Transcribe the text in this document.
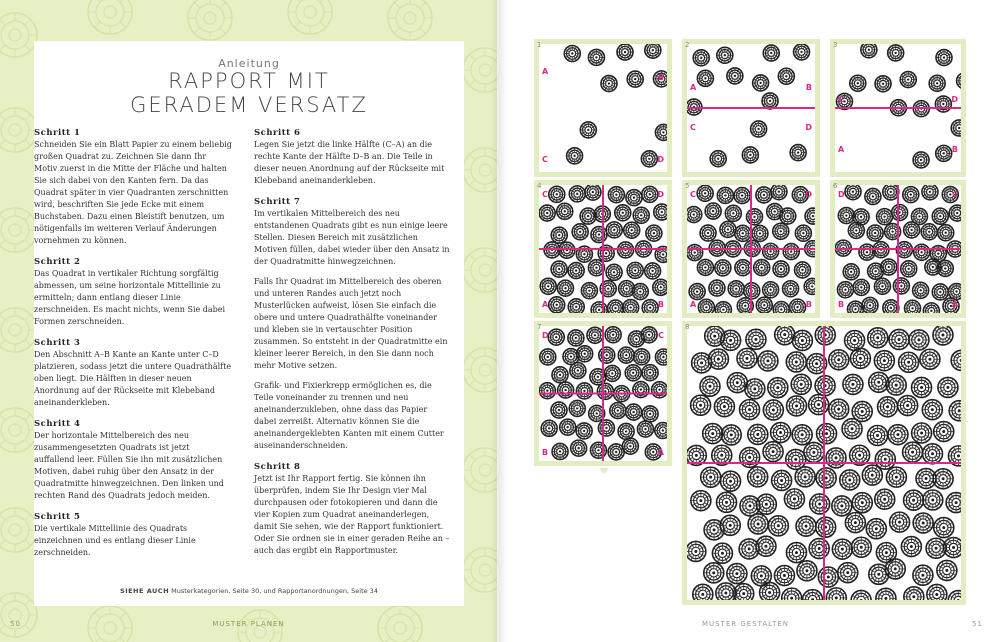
Anleitung
RAPPORT MIT
GERADEM VERSATZ
Schritt 1

Schneiden Sie ein Blatt Papier zu einem beliebig großen Quadrat zu. Zeichnen Sie dann Ihr Motiv zuerst in die Mitte der Fläche und halten Sie sich dabei von den Kanten fern. Da das Quadrat später in vier Quadranten zerschnitten wird, beschriften Sie jede Ecke mit einem Buchstaben. Dazu einen Bleistift benutzen, um nötigenfalls im weiteren Verlauf Änderungen vornehmen zu können.

Schritt 2

Das Quadrat in vertikaler Richtung sorgfältig abmessen, um seine horizontale Mittellinie zu ermitteln; dann entlang dieser Linie zerschneiden. Es macht nichts, wenn Sie dabei Formen zerschneiden.

Schritt 3

Den Abschnitt A–B Kante an Kante unter C–D platzieren, sodass jetzt die untere Quadrathälfte oben liegt. Die Hälften in dieser neuen Anordnung auf der Rückseite mit Klebeband aneinanderkleben.

Schritt 4

Der horizontale Mittelbereich des neu zusammengesetzten Quadrats ist jetzt auffallend leer. Füllen Sie ihn mit zusätzlichen Motiven, dabei ruhig über den Ansatz in der Quadratmitte hinwegzeichnen. Den linken und rechten Rand des Quadrats jedoch meiden.

Schritt 5

Die vertikale Mittellinie des Quadrats einzeichnen und es entlang dieser Linie zerschneiden.

Schritt 6

Legen Sie jetzt die linke Hälfte (C–A) an die rechte Kante der Hälfte D–B an. Die Teile in dieser neuen Anordnung auf der Rückseite mit Klebeband aneinanderkleben.

Schritt 7

Im vertikalen Mittelbereich des neu entstandenen Quadrats gibt es nun einige leere Stellen. Diesen Bereich mit zusätzlichen Motiven füllen, dabei wieder über den Ansatz in der Quadratmitte hinwegzeichnen.

Falls Ihr Quadrat im Mittelbereich des oberen und unteren Randes auch jetzt noch Musterlücken aufweist, lösen Sie einfach die obere und untere Quadrathälfte voneinander und kleben sie in vertauschter Position zusammen. So entsteht in der Quadratmitte ein kleiner leerer Bereich, in den Sie dann noch mehr Motive setzen.

Grafik- und Fixierkrepp ermöglichen es, die Teile voneinander zu trennen und neu aneinanderzukleben, ohne dass das Papier dabei zerreißt. Alternativ können Sie die aneinandergeklebten Kanten mit einem Cutter auseinanderschneiden.

Schritt 8

Jetzt ist Ihr Rapport fertig. Sie können ihn überprüfen, indem Sie Ihr Design vier Mal durchpausen oder fotokopieren und dann die vier Kopien zum Quadrat aneinanderlegen, damit Sie sehen, wie der Rapport funktioniert. Oder Sie ordnen sie in einer geraden Reihe an – auch das ergibt ein Rapportmuster.

SIEHE AUCH Musterkategorien, Seite 30, und Rapportanordnungen, Seite 34
50	MUSTER PLANEN
A
B
C	D
1
A	B
C	D
2
C	D
A	B
3
C	D
A	B
4
C	D
A	B
5
D	C
B	A
6
D	C
B	A
7	8
MUSTER GESTALTEN	51
